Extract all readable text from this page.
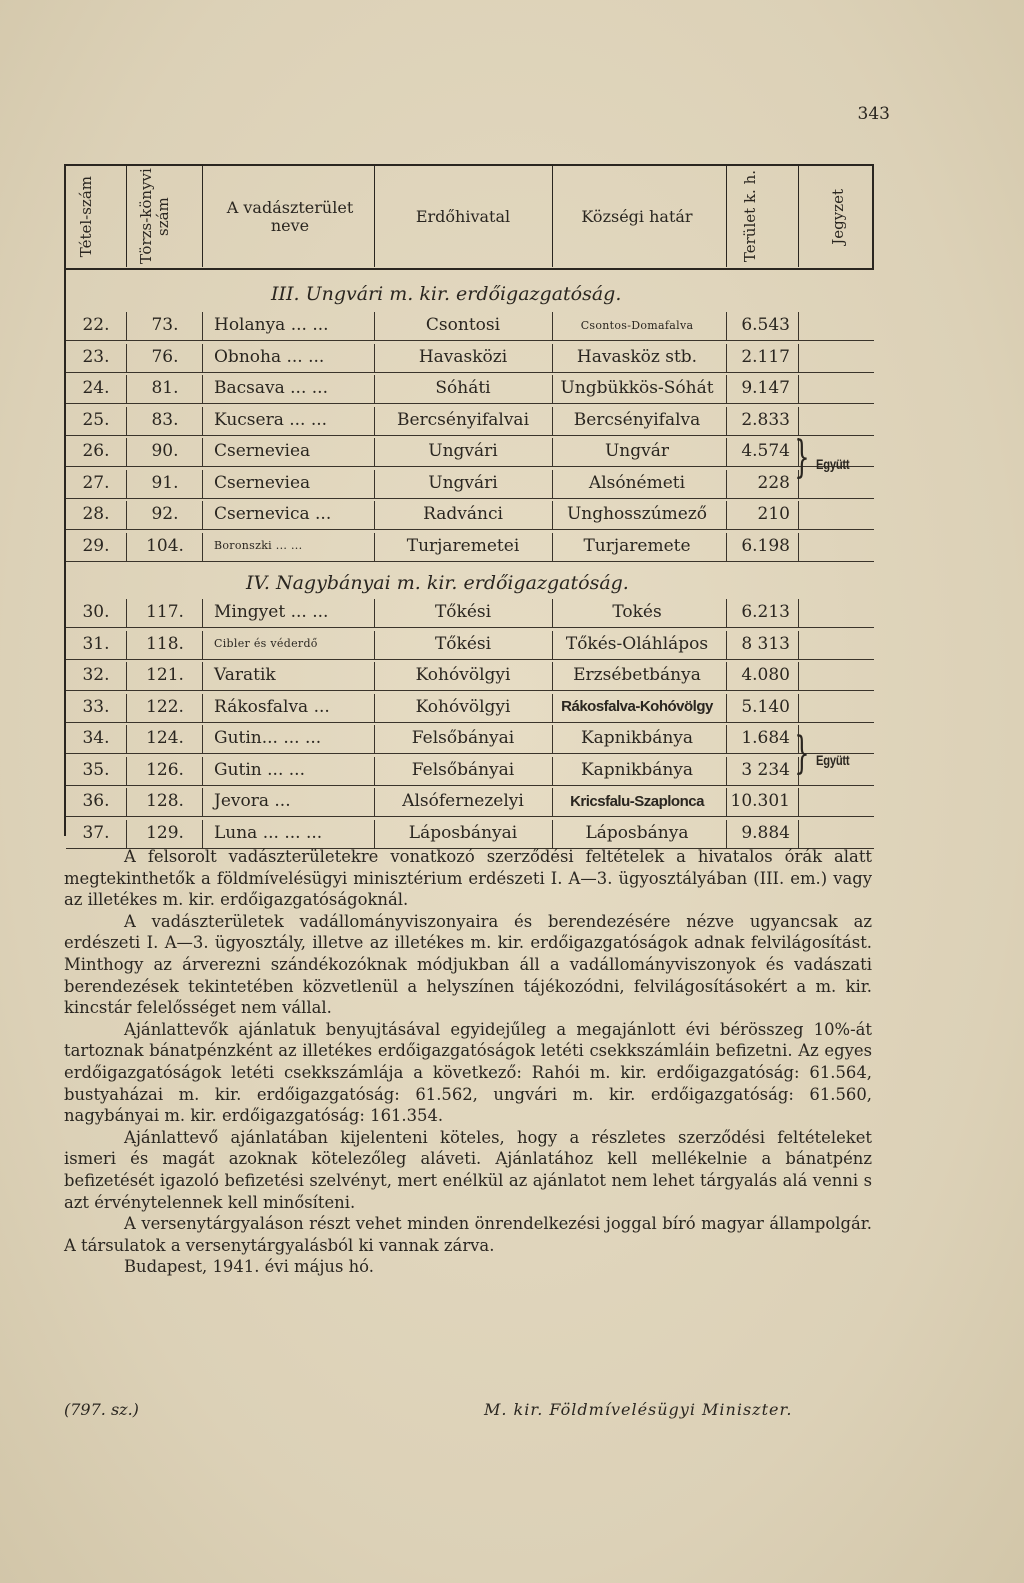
343
Tétel-szám	Törzs-könyvi szám	A vadászterület neve	Erdőhivatal	Községi határ	Terület k. h.	Jegyzet
III. Ungvári m. kir. erdőigazgatóság.
22.	73.	Holanya ... ...	Csontosi	Csontos-Domafalva	6.543
23.	76.	Obnoha ... ...	Havasközi	Havasköz stb.	2.117
24.	81.	Bacsava ... ...	Sóháti	Ungbükkös-Sóhát	9.147
25.	83.	Kucsera ... ...	Bercsényifalvai	Bercsényifalva	2.833
26.	90.	Cserneviea	Ungvári	Ungvár	4.574
27.	91.	Cserneviea	Ungvári	Alsónémeti	228
28.	92.	Csernevica ...	Radvánci	Unghosszúmező	210
29.	104.	Boronszki ... ...	Turjaremetei	Turjaremete	6.198
IV. Nagybányai m. kir. erdőigazgatóság.
30.	117.	Mingyet ... ...	Tőkési	Tokés	6.213
31.	118.	Cibler és véderdő	Tőkési	Tőkés-Oláhlápos	8 313
32.	121.	Varatik	Kohóvölgyi	Erzsébetbánya	4.080
33.	122.	Rákosfalva ...	Kohóvölgyi	Rákosfalva-Kohóvölgy	5.140
34.	124.	Gutin... ... ...	Felsőbányai	Kapnikbánya	1.684
35.	126.	Gutin ... ...	Felsőbányai	Kapnikbánya	3 234
36.	128.	Jevora ...	Alsófernezelyi	Kricsfalu-Szaplonca	10.301
37.	129.	Luna ... ... ...	Láposbányai	Láposbánya	9.884
} Együtt
} Együtt

A felsorolt vadászterületekre vonatkozó szerződési feltételek a hivatalos órák alatt megtekinthetők a földmívelésügyi minisztérium erdészeti I. A—3. ügyosztályában (III. em.) vagy az illetékes m. kir. erdőigazgatóságoknál.

A vadászterületek vadállományviszonyaira és berendezésére nézve ugyancsak az erdészeti I. A—3. ügyosztály, illetve az illetékes m. kir. erdőigazgatóságok adnak felvilágosítást. Minthogy az árverezni szándékozóknak módjukban áll a vadállományviszonyok és vadászati berendezések tekintetében közvetlenül a helyszínen tájékozódni, felvilágosításokért a m. kir. kincstár felelősséget nem vállal.

Ajánlattevők ajánlatuk benyujtásával egyidejűleg a megajánlott évi bérösszeg 10%-át tartoznak bánatpénzként az illetékes erdőigazgatóságok letéti csekkszámláin befizetni. Az egyes erdőigazgatóságok letéti csekkszámlája a következő: Rahói m. kir. erdőigazgatóság: 61.564, bustyaházai m. kir. erdőigazgatóság: 61.562, ungvári m. kir. erdőigazgatóság: 61.560, nagybányai m. kir. erdőigazgatóság: 161.354.

Ajánlattevő ajánlatában kijelenteni köteles, hogy a részletes szerződési feltételeket ismeri és magát azoknak kötelezőleg aláveti. Ajánlatához kell mellékelnie a bánatpénz befizetését igazoló befizetési szelvényt, mert enélkül az ajánlatot nem lehet tárgyalás alá venni s azt érvénytelennek kell minősíteni.

A versenytárgyaláson részt vehet minden önrendelkezési joggal bíró magyar állampolgár. A társulatok a versenytárgyalásból ki vannak zárva.

Budapest, 1941. évi május hó.

(797. sz.)	M. kir. Földmívelésügyi Miniszter.
